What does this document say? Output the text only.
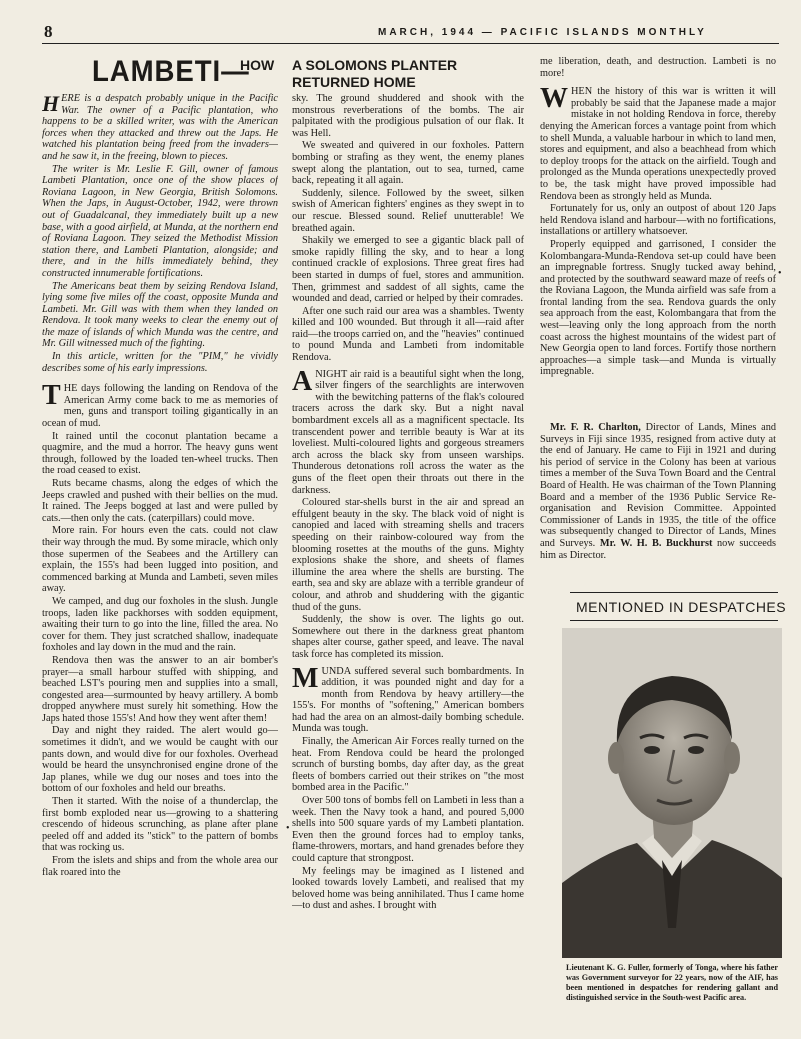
8	MARCH, 1944 — PACIFIC ISLANDS MONTHLY
LAMBETI—
HOW A SOLOMONS PLANTER
RETURNED HOME

HERE is a despatch probably unique in the Pacific War. The owner of a Pacific plantation, who happens to be a skilled writer, was with the American forces when they attacked and threw out the Japs. He watched his plantation being freed from the invaders—and he saw it, in the freeing, blown to pieces.

The writer is Mr. Leslie F. Gill, owner of famous Lambeti Plantation, once one of the show places of Roviana Lagoon, in New Georgia, British Solomons. When the Japs, in August-October, 1942, were thrown out of Guadalcanal, they immediately built up a new base, with a good airfield, at Munda, at the northern end of Roviana Lagoon. They seized the Methodist Mission station there, and Lambeti Plantation, alongside; and there, and in the hills immediately behind, they constructed innumerable fortifications.

The Americans beat them by seizing Rendova Island, lying some five miles off the coast, opposite Munda and Lambeti. Mr. Gill was with them when they landed on Rendova. It took many weeks to clear the enemy out of the maze of islands of which Munda was the centre, and Mr. Gill witnessed much of the fighting.

In this article, written for the "PIM," he vividly describes some of his early impressions.

THE days following the landing on Rendova of the American Army come back to me as memories of men, guns and transport toiling gigantically in an ocean of mud.

It rained until the coconut plantation became a quagmire, and the mud a horror. The heavy guns went through, followed by the loaded ten-wheel trucks. Then the road ceased to exist.

Ruts became chasms, along the edges of which the Jeeps crawled and pushed with their bellies on the mud. It rained. The Jeeps bogged at last and were pulled by cats.—then only the cats. (caterpillars) could move.

More rain. For hours even the cats. could not claw their way through the mud. By some miracle, which only those supermen of the Seabees and the Artillery can explain, the 155's had been lugged into position, and commenced barking at Munda and Lambeti, seven miles away.

We camped, and dug our foxholes in the slush. Jungle troops, laden like packhorses with sodden equipment, awaiting their turn to go into the line, filled the area. No cover for them. They just scratched shallow, inadequate foxholes and lay down in the mud and the rain.

Rendova then was the answer to an air bomber's prayer—a small harbour stuffed with shipping, and beached LST's pouring men and supplies into a small, congested area—surmounted by heavy artillery. A bomb dropped anywhere must surely hit something. How the Japs hated those 155's! And how they went after them!

Day and night they raided. The alert would go—sometimes it didn't, and we would be caught with our pants down, and would dive for our foxholes. Overhead would be heard the unsynchronised engine drone of the Jap planes, while we dug our noses and toes into the bottom of our foxholes and held our breaths.

Then it started. With the noise of a thunderclap, the first bomb exploded near us—growing to a shattering crescendo of hideous scrunching, as plane after plane peeled off and added its "stick" to the pattern of bombs that was rocking us.

From the islets and ships and from the whole area our flak roared into the

sky. The ground shuddered and shook with the monstrous reverberations of the bombs. The air palpitated with the prodigious pulsation of our flak. It was Hell.

We sweated and quivered in our foxholes. Pattern bombing or strafing as they went, the enemy planes swept along the plantation, out to sea, turned, came back, repeating it all again.

Suddenly, silence. Followed by the sweet, silken swish of American fighters' engines as they swept in to our rescue. Blessed sound. Relief unutterable! We breathed again.

Shakily we emerged to see a gigantic black pall of smoke rapidly filling the sky, and to hear a long continued crackle of explosions. Three great fires had been started in dumps of fuel, stores and ammunition. Then, grimmest and saddest of all sights, came the wounded and dead, carried or helped by their comrades.

After one such raid our area was a shambles. Twenty killed and 100 wounded. But through it all—raid after raid—the troops carried on, and the "heavies" continued to pound Munda and Lambeti from indomitable Rendova.

ANIGHT air raid is a beautiful sight when the long, silver fingers of the searchlights are interwoven with the bewitching patterns of the flak's coloured tracers across the dark sky. But a night naval bombardment excels all as a magnificent spectacle. Its transcendent power and terrible beauty is War at its loveliest. Multi-coloured lights and gorgeous streamers arch across the black sky from unseen warships. Thunderous detonations roll across the water as the guns of the fleet open their throats out there in the darkness.

Coloured star-shells burst in the air and spread an effulgent beauty in the sky. The black void of night is canopied and laced with streaming shells and tracers speeding on their rainbow-coloured way from the blooming rosettes at the mouths of the guns. Mighty explosions shake the shore, and sheets of flames illumine the area where the shells are bursting. The earth, sea and sky are ablaze with a terrible grandeur of colour, and athrob and shuddering with the gigantic thud of the guns.

Suddenly, the show is over. The lights go out. Somewhere out there in the darkness great phantom shapes alter course, gather speed, and leave. The naval task force has completed its mission.

MUNDA suffered several such bombardments. In addition, it was pounded night and day for a month from Rendova by heavy artillery—the 155's. For months of "softening," American bombers had had the area on an almost-daily bombing schedule. Munda was tough.

Finally, the American Air Forces really turned on the heat. From Rendova could be heard the prolonged scrunch of bursting bombs, day after day, as the great fleets of bombers carried out their strikes on "the most bombed area in the Pacific."

Over 500 tons of bombs fell on Lambeti in less than a week. Then the Navy took a hand, and poured 5,000 shells into 500 square yards of my Lambeti plantation. Even then the ground forces had to employ tanks, flame-throwers, mortars, and hand grenades before they could capture that strongpost.

My feelings may be imagined as I listened and looked towards lovely Lambeti, and realised that my beloved home was being annihilated. Thus I came home—to dust and ashes. I brought with

me liberation, death, and destruction. Lambeti is no more!

WHEN the history of this war is written it will probably be said that the Japanese made a major mistake in not holding Rendova in force, thereby denying the American forces a vantage point from which to shell Munda, a valuable harbour in which to land men, stores and equipment, and also a beachhead from which to deploy troops for the attack on the airfield. Tough and prolonged as the Munda operations unexpectedly proved to be, the task might have proved impossible had Rendova been as strongly held as Munda.

Fortunately for us, only an outpost of about 120 Japs held Rendova island and harbour—with no fortifications, installations or artillery whatsoever.

Properly equipped and garrisoned, I consider the Kolombangara-Munda-Rendova set-up could have been an impregnable fortress. Snugly tucked away behind, and protected by the southward seaward maze of reefs of the Roviana Lagoon, the Munda airfield was safe from a frontal landing from the sea. Rendova guards the only sea approach from the east, Kolombangara that from the west—leaving only the long approach from the north coast across the highest mountains of the widest part of New Georgia open to land forces. Fortify those northern approaches—a simple task—and Munda is virtually impregnable.

Mr. F. R. Charlton, Director of Lands, Mines and Surveys in Fiji since 1935, resigned from active duty at the end of January. He came to Fiji in 1921 and during his period of service in the Colony has been at various times a member of the Suva Town Board and the Central Board of Health. He was chairman of the Town Planning Board and a member of the 1936 Public Service Re-organisation and Revision Committee. Appointed Commissioner of Lands in 1935, the title of the office was subsequently changed to Director of Lands, Mines and Surveys. Mr. W. H. B. Buckhurst now succeeds him as Director.

MENTIONED IN DESPATCHES
Lieutenant K. G. Fuller, formerly of Tonga, where his father was Government surveyor for 22 years, now of the AIF, has been mentioned in despatches for rendering gallant and distinguished service in the South-west Pacific area.
•
•
